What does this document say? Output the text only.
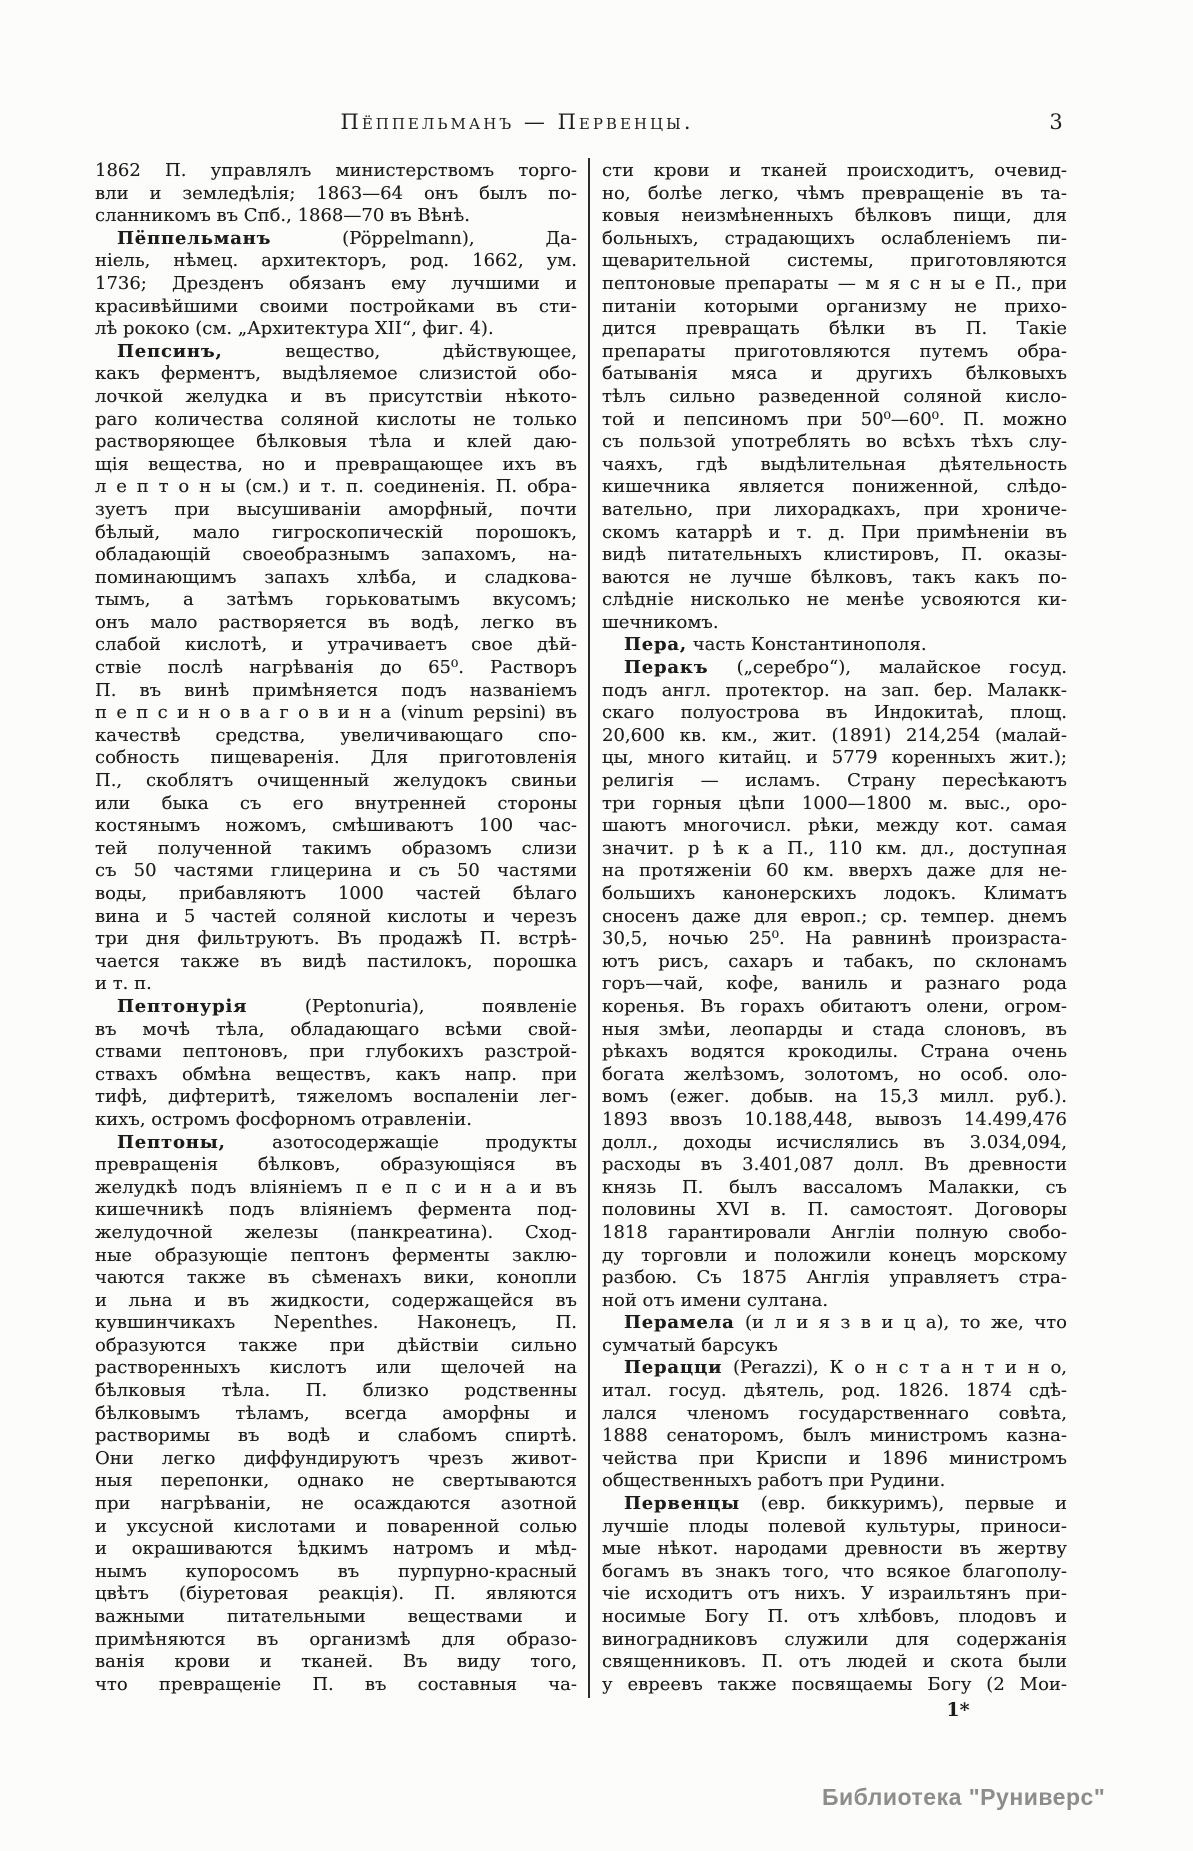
Пёппельманъ — Первенцы.	3
1862 П. управлялъ министерствомъ торго-
вли и земледѣлія; 1863—64 онъ былъ по-
сланникомъ въ Спб., 1868—70 въ Вѣнѣ.
Пёппельманъ (Pöppelmann), Да-
ніель, нѣмец. архитекторъ, род. 1662, ум.
1736; Дрезденъ обязанъ ему лучшими и
красивѣйшими своими постройками въ сти-
лѣ рококо (см. „Архитектура XII“, фиг. 4).
Пепсинъ, вещество, дѣйствующее,
какъ ферментъ, выдѣляемое слизистой обо-
лочкой желудка и въ присутствіи нѣкото-
раго количества соляной кислоты не только
растворяющее бѣлковыя тѣла и клей даю-
щія вещества, но и превращающее ихъ въ
л е п т о н ы (см.) и т. п. соединенія. П. обра-
зуетъ при высушиваніи аморфный, почти
бѣлый, мало гигроскопическій порошокъ,
обладающій своеобразнымъ запахомъ, на-
поминающимъ запахъ хлѣба, и сладкова-
тымъ, а затѣмъ горьковатымъ вкусомъ;
онъ мало растворяется въ водѣ, легко въ
слабой кислотѣ, и утрачиваетъ свое дѣй-
ствіе послѣ нагрѣванія до 65⁰. Растворъ
П. въ винѣ примѣняется подъ названіемъ
п е п с и н о в а г о в и н а (vinum pepsini) въ
качествѣ средства, увеличивающаго спо-
собность пищеваренія. Для приготовленія
П., скоблятъ очищенный желудокъ свиньи
или быка съ его внутренней стороны
костянымъ ножомъ, смѣшиваютъ 100 час-
тей полученной такимъ образомъ слизи
съ 50 частями глицерина и съ 50 частями
воды, прибавляютъ 1000 частей бѣлаго
вина и 5 частей соляной кислоты и черезъ
три дня фильтруютъ. Въ продажѣ П. встрѣ-
чается также въ видѣ пастилокъ, порошка
и т. п.
Пептонурія (Peptonuria), появленіе
въ мочѣ тѣла, обладающаго всѣми свой-
ствами пептоновъ, при глубокихъ разстрой-
ствахъ обмѣна веществъ, какъ напр. при
тифѣ, дифтеритѣ, тяжеломъ воспаленіи лег-
кихъ, остромъ фосфорномъ отравленіи.
Пептоны, азотосодержащіе продукты
превращенія бѣлковъ, образующіяся въ
желудкѣ подъ вліяніемъ п е п с и н а и въ
кишечникѣ подъ вліяніемъ фермента под-
желудочной железы (панкреатина). Сход-
ные образующіе пептонъ ферменты заклю-
чаются также въ сѣменахъ вики, конопли
и льна и въ жидкости, содержащейся въ
кувшинчикахъ Nepenthes. Наконецъ, П.
образуются также при дѣйствіи сильно
растворенныхъ кислотъ или щелочей на
бѣлковыя тѣла. П. близко родственны
бѣлковымъ тѣламъ, всегда аморфны и
растворимы въ водѣ и слабомъ спиртѣ.
Они легко диффундируютъ чрезъ живот-
ныя перепонки, однако не свертываются
при нагрѣваніи, не осаждаются азотной
и уксусной кислотами и поваренной солью
и окрашиваются ѣдкимъ натромъ и мѣд-
нымъ купоросомъ въ пурпурно-красный
цвѣтъ (біуретовая реакція). П. являются
важными питательными веществами и
примѣняются въ организмѣ для образо-
ванія крови и тканей. Въ виду того,
что превращеніе П. въ составныя ча-
сти крови и тканей происходитъ, очевид-
но, болѣе легко, чѣмъ превращеніе въ та-
ковыя неизмѣненныхъ бѣлковъ пищи, для
больныхъ, страдающихъ ослабленіемъ пи-
щеварительной системы, приготовляются
пептоновые препараты — м я с н ы е П., при
питаніи которыми организму не прихо-
дится превращать бѣлки въ П. Такіе
препараты приготовляются путемъ обра-
батыванія мяса и другихъ бѣлковыхъ
тѣлъ сильно разведенной соляной кисло-
той и пепсиномъ при 50⁰—60⁰. П. можно
съ пользой употреблять во всѣхъ тѣхъ слу-
чаяхъ, гдѣ выдѣлительная дѣятельность
кишечника является пониженной, слѣдо-
вательно, при лихорадкахъ, при хрониче-
скомъ катаррѣ и т. д. При примѣненіи въ
видѣ питательныхъ клистировъ, П. оказы-
ваются не лучше бѣлковъ, такъ какъ по-
слѣдніе нисколько не менѣе усвояются ки-
шечникомъ.
Пера, часть Константинополя.
Перакъ („серебро“), малайское госуд.
подъ англ. протектор. на зап. бер. Малакк-
скаго полуострова въ Индокитаѣ, площ.
20,600 кв. км., жит. (1891) 214,254 (малай-
цы, много китайц. и 5779 коренныхъ жит.);
религія — исламъ. Страну пересѣкаютъ
три горныя цѣпи 1000—1800 м. выс., оро-
шаютъ многочисл. рѣки, между кот. самая
значит. р ѣ к а П., 110 км. дл., доступная
на протяженіи 60 км. вверхъ даже для не-
большихъ канонерскихъ лодокъ. Климатъ
сносенъ даже для европ.; ср. темпер. днемъ
30,5, ночью 25⁰. На равнинѣ произраста-
ютъ рисъ, сахаръ и табакъ, по склонамъ
горъ—чай, кофе, ваниль и разнаго рода
коренья. Въ горахъ обитаютъ олени, огром-
ныя змѣи, леопарды и стада слоновъ, въ
рѣкахъ водятся крокодилы. Страна очень
богата желѣзомъ, золотомъ, но особ. оло-
вомъ (ежег. добыв. на 15,3 милл. руб.).
1893 ввозъ 10.188,448, вывозъ 14.499,476
долл., доходы исчислялись въ 3.034,094,
расходы въ 3.401,087 долл. Въ древности
князь П. былъ вассаломъ Малакки, съ
половины XVI в. П. самостоят. Договоры
1818 гарантировали Англіи полную свобо-
ду торговли и положили конецъ морскому
разбою. Съ 1875 Англія управляетъ стра-
ной отъ имени султана.
Перамела (и л и я з в и ц а), то же, что
сумчатый барсукъ
Перацци (Perazzi), К о н с т а н т и н о,
итал. госуд. дѣятель, род. 1826. 1874 сдѣ-
лался членомъ государственнаго совѣта,
1888 сенаторомъ, былъ министромъ казна-
чейства при Криспи и 1896 министромъ
общественныхъ работъ при Рудини.
Первенцы (евр. биккуримъ), первые и
лучшіе плоды полевой культуры, приноси-
мые нѣкот. народами древности въ жертву
богамъ въ знакъ того, что всякое благополу-
чіе исходитъ отъ нихъ. У израильтянъ при-
носимые Богу П. отъ хлѣбовъ, плодовъ и
виноградниковъ служили для содержанія
священниковъ. П. отъ людей и скота были
у евреевъ также посвящаемы Богу (2 Мои-
1*
Библиотека "Руниверс"
